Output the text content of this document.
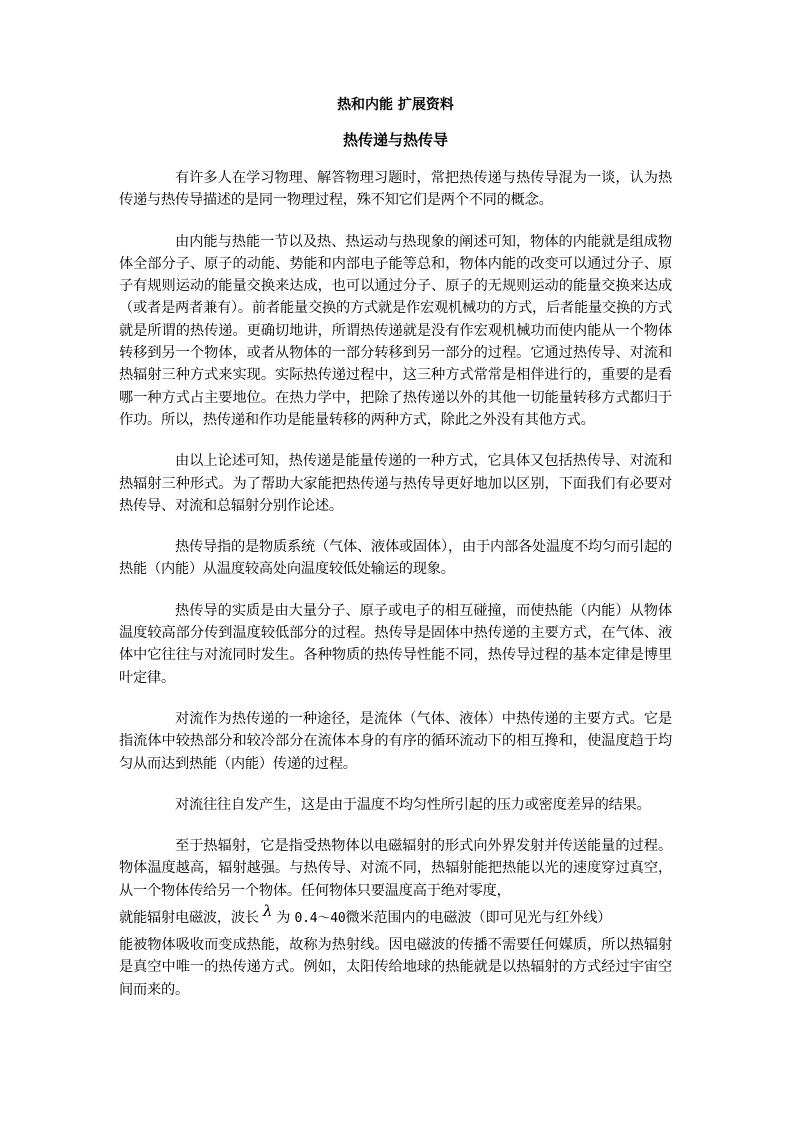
热和内能 扩展资料

热传递与热传导

有许多人在学习物理、解答物理习题时，常把热传递与热传导混为一谈，认为热传递与热传导描述的是同一物理过程，殊不知它们是两个不同的概念。

由内能与热能一节以及热、热运动与热现象的阐述可知，物体的内能就是组成物体全部分子、原子的动能、势能和内部电子能等总和，物体内能的改变可以通过分子、原子有规则运动的能量交换来达成，也可以通过分子、原子的无规则运动的能量交换来达成（或者是两者兼有）。前者能量交换的方式就是作宏观机械功的方式，后者能量交换的方式就是所谓的热传递。更确切地讲，所谓热传递就是没有作宏观机械功而使内能从一个物体转移到另一个物体，或者从物体的一部分转移到另一部分的过程。它通过热传导、对流和热辐射三种方式来实现。实际热传递过程中，这三种方式常常是相伴进行的，重要的是看哪一种方式占主要地位。在热力学中，把除了热传递以外的其他一切能量转移方式都归于作功。所以，热传递和作功是能量转移的两种方式，除此之外没有其他方式。

由以上论述可知，热传递是能量传递的一种方式，它具体又包括热传导、对流和热辐射三种形式。为了帮助大家能把热传递与热传导更好地加以区别，下面我们有必要对热传导、对流和总辐射分别作论述。

热传导指的是物质系统（气体、液体或固体），由于内部各处温度不均匀而引起的热能（内能）从温度较高处向温度较低处输运的现象。

热传导的实质是由大量分子、原子或电子的相互碰撞，而使热能（内能）从物体温度较高部分传到温度较低部分的过程。热传导是固体中热传递的主要方式，在气体、液体中它往往与对流同时发生。各种物质的热传导性能不同，热传导过程的基本定律是博里叶定律。

对流作为热传递的一种途径，是流体（气体、液体）中热传递的主要方式。它是指流体中较热部分和较冷部分在流体本身的有序的循环流动下的相互搀和，使温度趋于均匀从而达到热能（内能）传递的过程。

对流往往自发产生，这是由于温度不均匀性所引起的压力或密度差异的结果。

至于热辐射，它是指受热物体以电磁辐射的形式向外界发射并传送能量的过程。物体温度越高，辐射越强。与热传导、对流不同，热辐射能把热能以光的速度穿过真空，从一个物体传给另一个物体。任何物体只要温度高于绝对零度，

就能辐射电磁波，波长 λ 为 0.4～40微米范围内的电磁波（即可见光与红外线）

能被物体吸收而变成热能，故称为热射线。因电磁波的传播不需要任何媒质，所以热辐射是真空中唯一的热传递方式。例如，太阳传给地球的热能就是以热辐射的方式经过宇宙空间而来的。
